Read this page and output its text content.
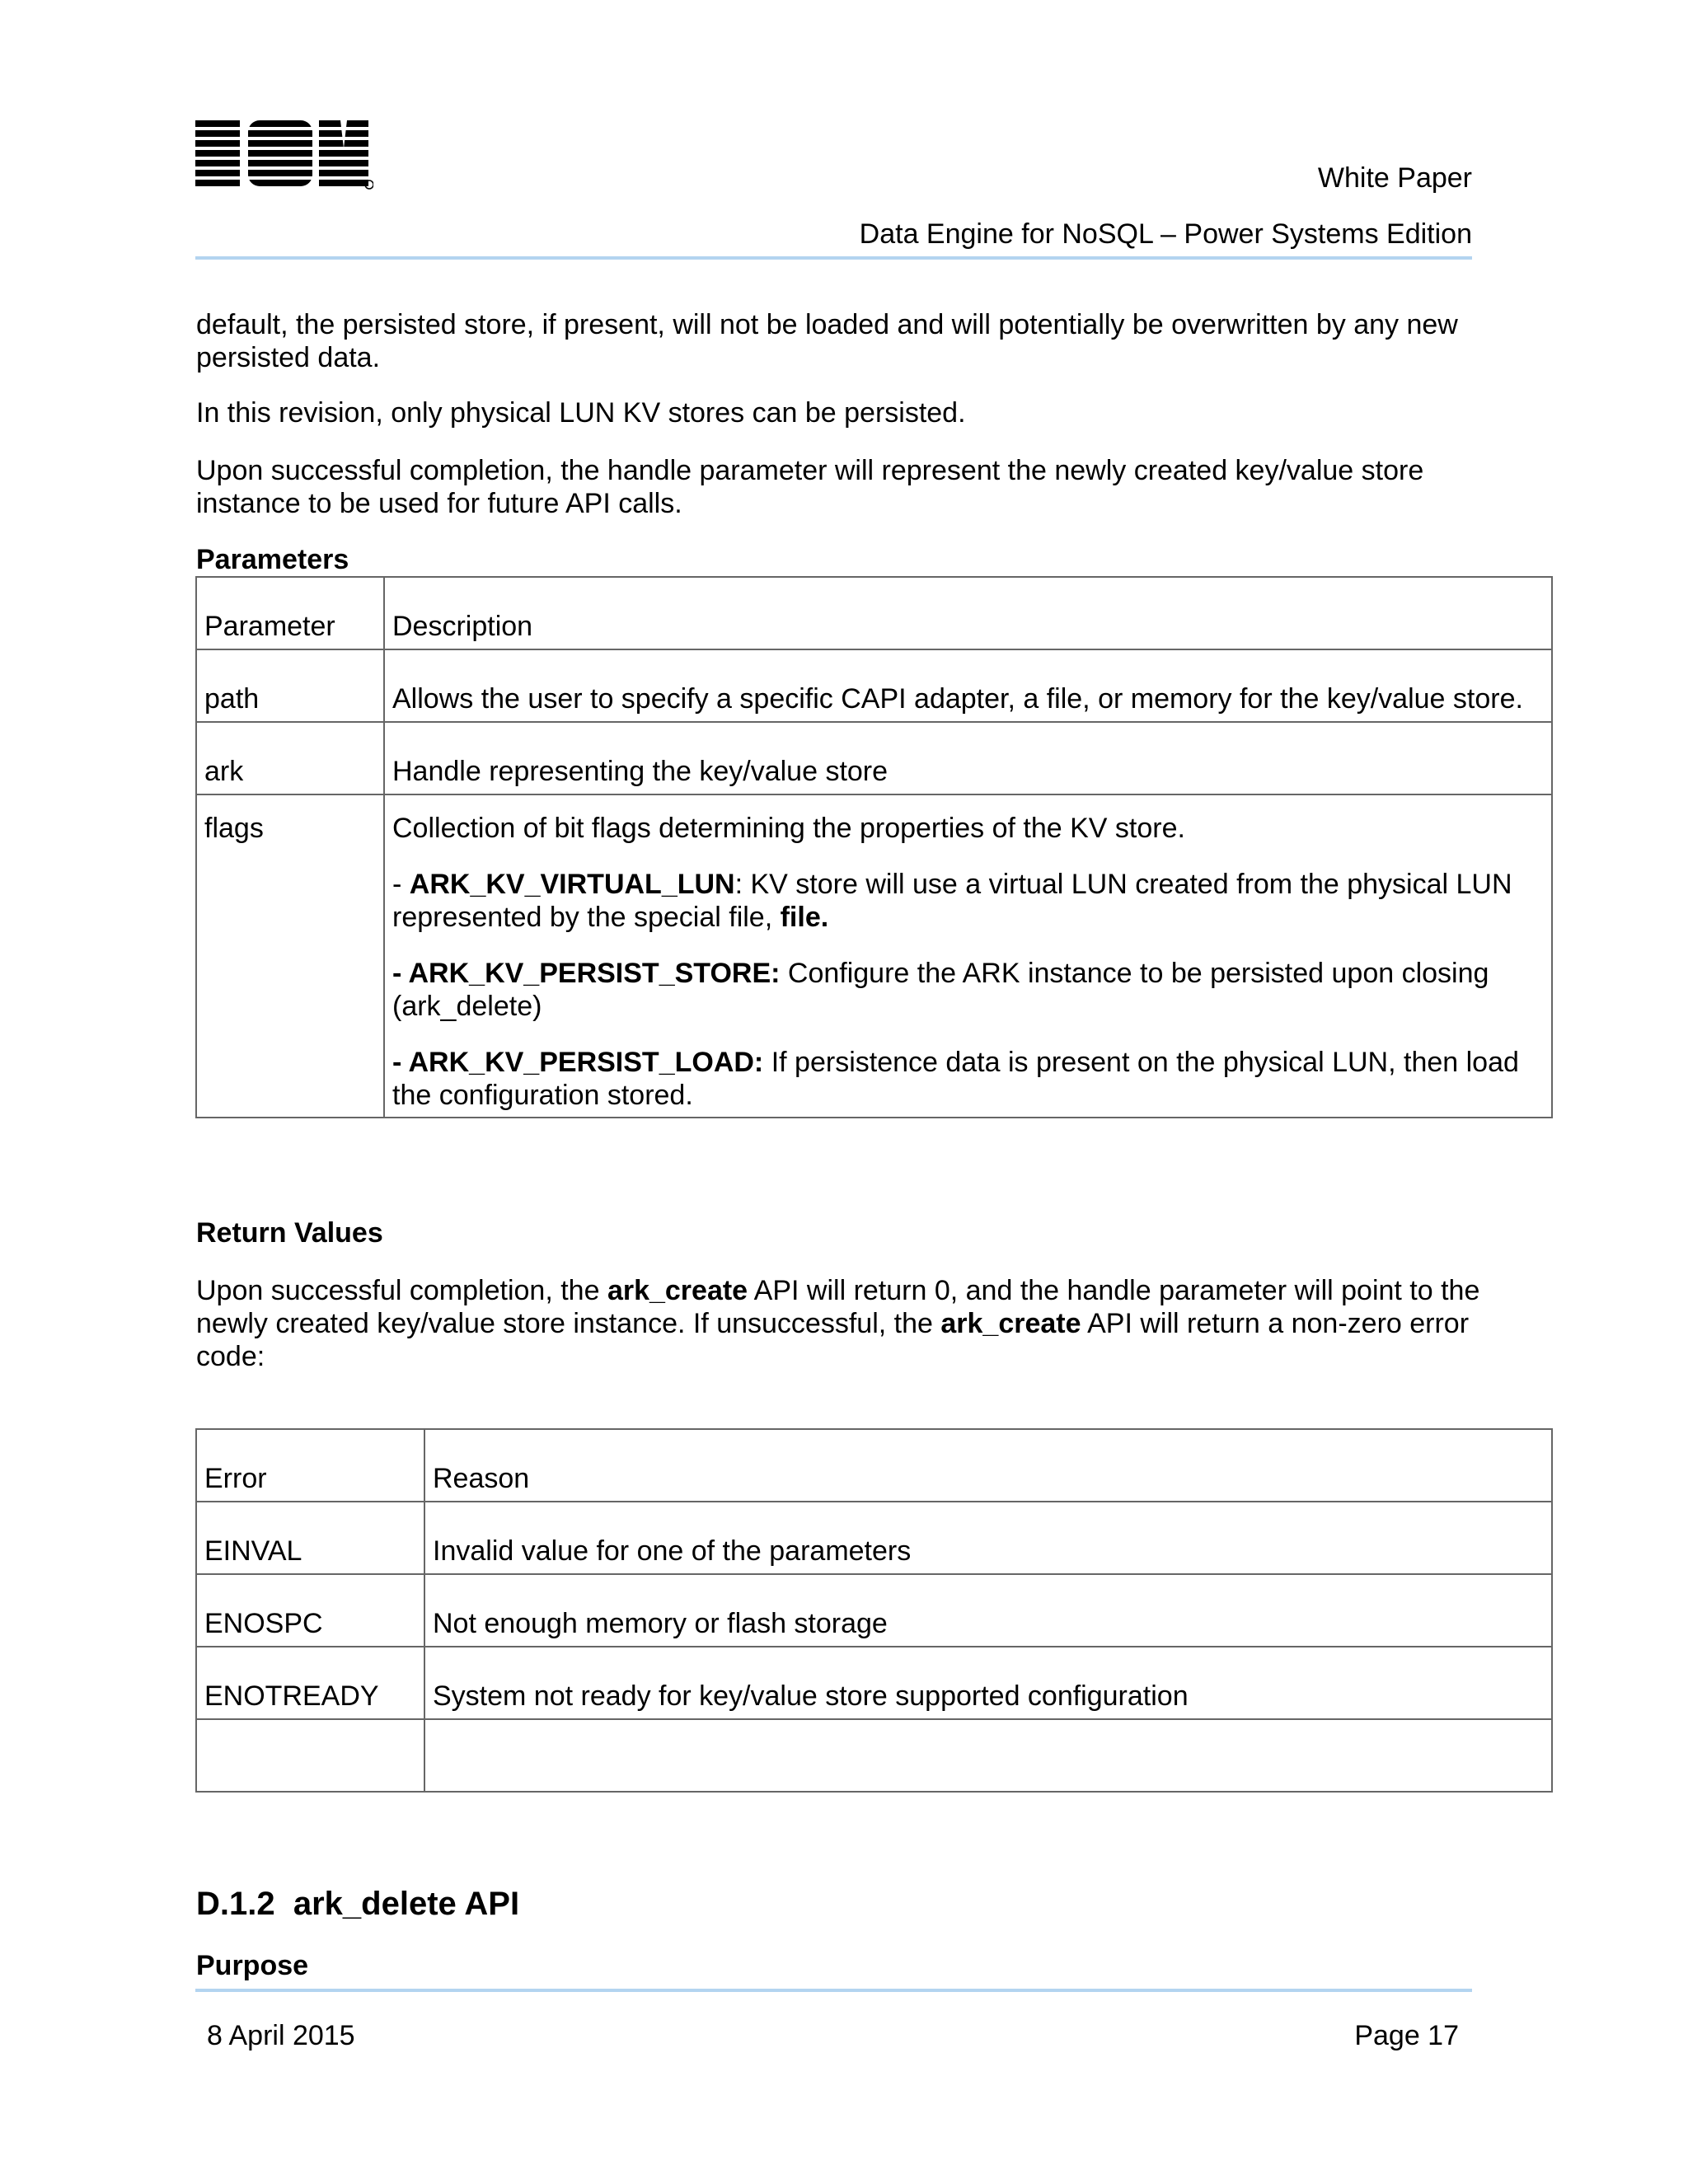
White Paper
Data Engine for NoSQL – Power Systems Edition

default, the persisted store, if present, will not be loaded and will potentially be overwritten by any new persisted data.

In this revision, only physical LUN KV stores can be persisted.

Upon successful completion, the handle parameter will represent the newly created key/value store instance to be used for future API calls.

Parameters

Parameter	Description
path	Allows the user to specify a specific CAPI adapter, a file, or memory for the key/value store.
ark	Handle representing the key/value store
flags	Collection of bit flags determining the properties of the KV store.

- ARK_KV_VIRTUAL_LUN: KV store will use a virtual LUN created from the physical LUN represented by the special file, file.

- ARK_KV_PERSIST_STORE: Configure the ARK instance to be persisted upon closing (ark_delete)

- ARK_KV_PERSIST_LOAD: If persistence data is present on the physical LUN, then load the configuration stored.

Return Values

Upon successful completion, the ark_create API will return 0, and the handle parameter will point to the newly created key/value store instance. If unsuccessful, the ark_create API will return a non-zero error code:

Error	Reason
EINVAL	Invalid value for one of the parameters
ENOSPC	Not enough memory or flash storage
ENOTREADY	System not ready for key/value store supported configuration

D.1.2 ark_delete API

Purpose

8 April 2015	Page 17
